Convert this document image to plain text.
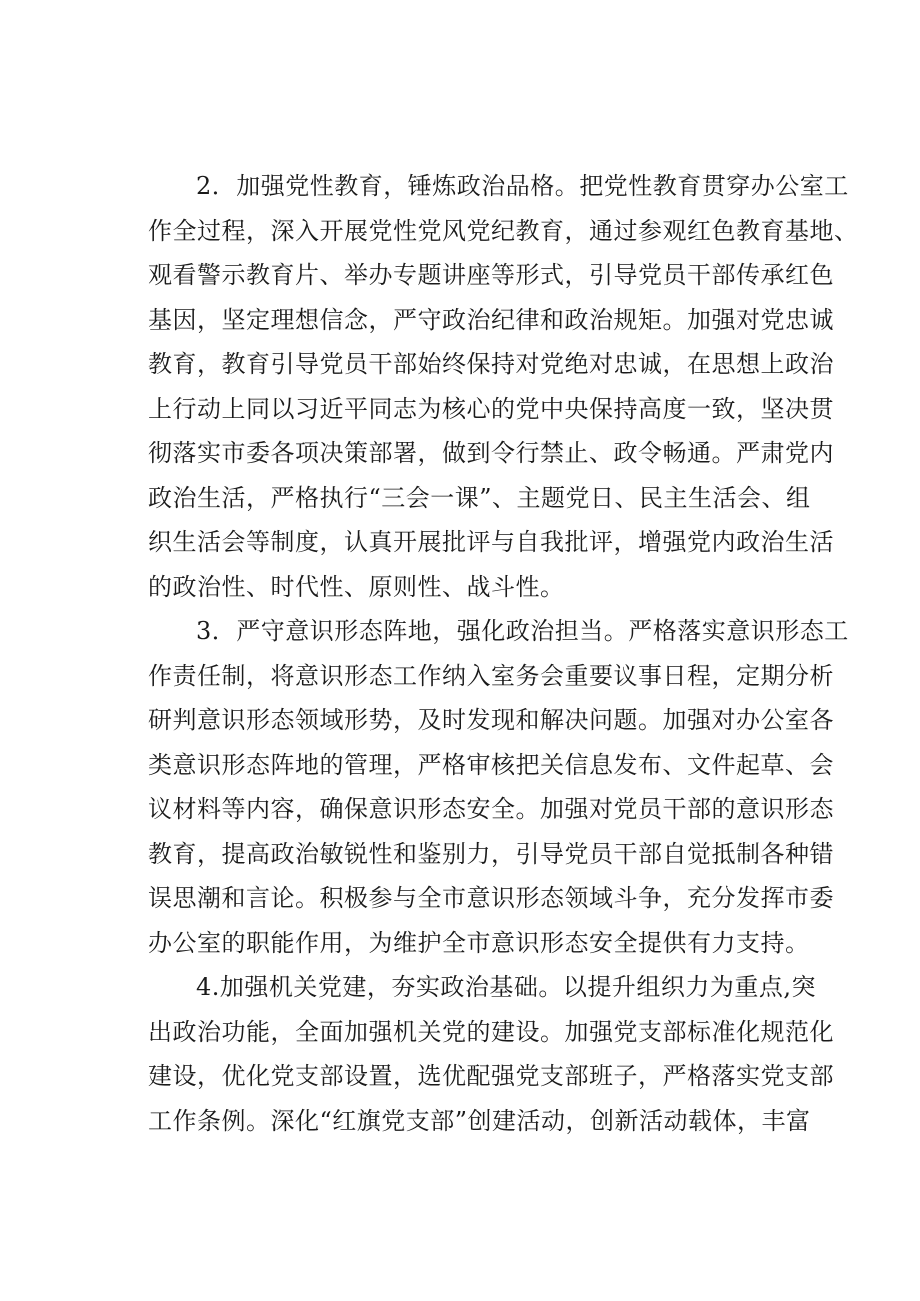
2．加强党性教育，锤炼政治品格。把党性教育贯穿办公室工
作全过程，深入开展党性党风党纪教育，通过参观红色教育基地、
观看警示教育片、举办专题讲座等形式，引导党员干部传承红色
基因，坚定理想信念，严守政治纪律和政治规矩。加强对党忠诚
教育，教育引导党员干部始终保持对党绝对忠诚，在思想上政治
上行动上同以习近平同志为核心的党中央保持高度一致，坚决贯
彻落实市委各项决策部署，做到令行禁止、政令畅通。严肃党内
政治生活，严格执行“三会一课”、主题党日、民主生活会、组
织生活会等制度，认真开展批评与自我批评，增强党内政治生活
的政治性、时代性、原则性、战斗性。
3．严守意识形态阵地，强化政治担当。严格落实意识形态工
作责任制，将意识形态工作纳入室务会重要议事日程，定期分析
研判意识形态领域形势，及时发现和解决问题。加强对办公室各
类意识形态阵地的管理，严格审核把关信息发布、文件起草、会
议材料等内容，确保意识形态安全。加强对党员干部的意识形态
教育，提高政治敏锐性和鉴别力，引导党员干部自觉抵制各种错
误思潮和言论。积极参与全市意识形态领域斗争，充分发挥市委
办公室的职能作用，为维护全市意识形态安全提供有力支持。
4.加强机关党建，夯实政治基础。以提升组织力为重点,突
出政治功能，全面加强机关党的建设。加强党支部标准化规范化
建设，优化党支部设置，选优配强党支部班子，严格落实党支部
工作条例。深化“红旗党支部”创建活动，创新活动载体，丰富
